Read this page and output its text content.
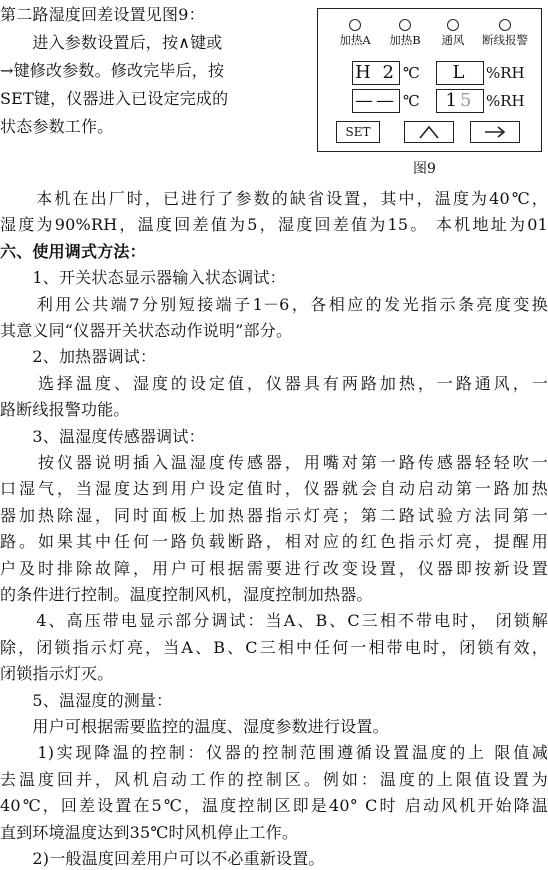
第二路湿度回差设置见图9：
　　进入参数设置后，按∧键或
→键修改参数。修改完毕后，按
SET键，仪器进入已设定完成的
状态参数工作。
加热A	加热B	通风	断线报警
H 2 ℃	L	%RH
—— ℃	15 %RH
SET
图9
　　本机在出厂时，已进行了参数的缺省设置，其中，温度为40℃，
湿度为90%RH，温度回差值为5，湿度回差值为15。 本机地址为01
六、使用调式方法：
　　1、开关状态显示器输入状态调试：
　　利用公共端7分别短接端子1－6，各相应的发光指示条亮度变换
其意义同“仪器开关状态动作说明”部分。
　　2、加热器调试：
　　选择温度、湿度的设定值，仪器具有两路加热，一路通风，一
路断线报警功能。
　　3、温湿度传感器调试：
　　按仪器说明插入温湿度传感器，用嘴对第一路传感器轻轻吹一
口湿气，当湿度达到用户设定值时，仪器就会自动启动第一路加热
器加热除湿，同时面板上加热器指示灯亮；第二路试验方法同第一
路。如果其中任何一路负载断路，相对应的红色指示灯亮，提醒用
户及时排除故障，用户可根据需要进行改变设置，仪器即按新设置
的条件进行控制。温度控制风机，湿度控制加热器。
　　4、高压带电显示部分调试：当A、B、C三相不带电时， 闭锁解
除，闭锁指示灯亮，当A、B、C三相中任何一相带电时，闭锁有效，
闭锁指示灯灭。
　　5、温湿度的测量：
　　用户可根据需要监控的温度、湿度参数进行设置。
　　1)实现降温的控制：仪器的控制范围遵循设置温度的上 限值减
去温度回并，风机启动工作的控制区。例如：温度的上限值设置为
40℃，回差设置在5℃，温度控制区即是40° C时 启动风机开始降温
直到环境温度达到35℃时风机停止工作。
　　2)一般温度回差用户可以不必重新设置。
